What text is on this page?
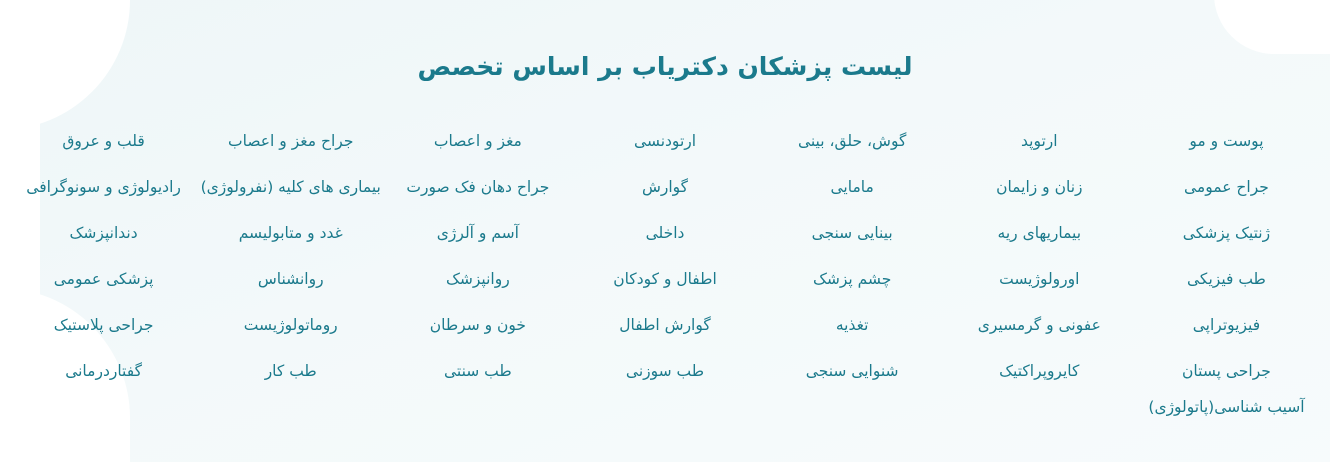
لیست پزشکان دکتریاب بر اساس تخصص
پوست و مو
ارتوپد
گوش، حلق، بینی
ارتودنسی
مغز و اعصاب
جراح مغز و اعصاب
قلب و عروق
جراح عمومی
زنان و زایمان
مامایی
گوارش
جراح دهان فک صورت
بیماری های کلیه (نفرولوژی)
رادیولوژی و سونوگرافی
ژنتیک پزشکی
بیماریهای ریه
بینایی سنجی
داخلی
آسم و آلرژی
غدد و متابولیسم
دندانپزشک
طب فیزیکی
اورولوژیست
چشم پزشک
اطفال و کودکان
روانپزشک
روانشناس
پزشکی عمومی
فیزیوتراپی
عفونی و گرمسیری
تغذیه
گوارش اطفال
خون و سرطان
روماتولوژیست
جراحی پلاستیک
جراحی پستان
کایروپراکتیک
شنوایی سنجی
طب سوزنی
طب سنتی
طب کار
گفتاردرمانی
آسیب شناسی(پاتولوژی)
